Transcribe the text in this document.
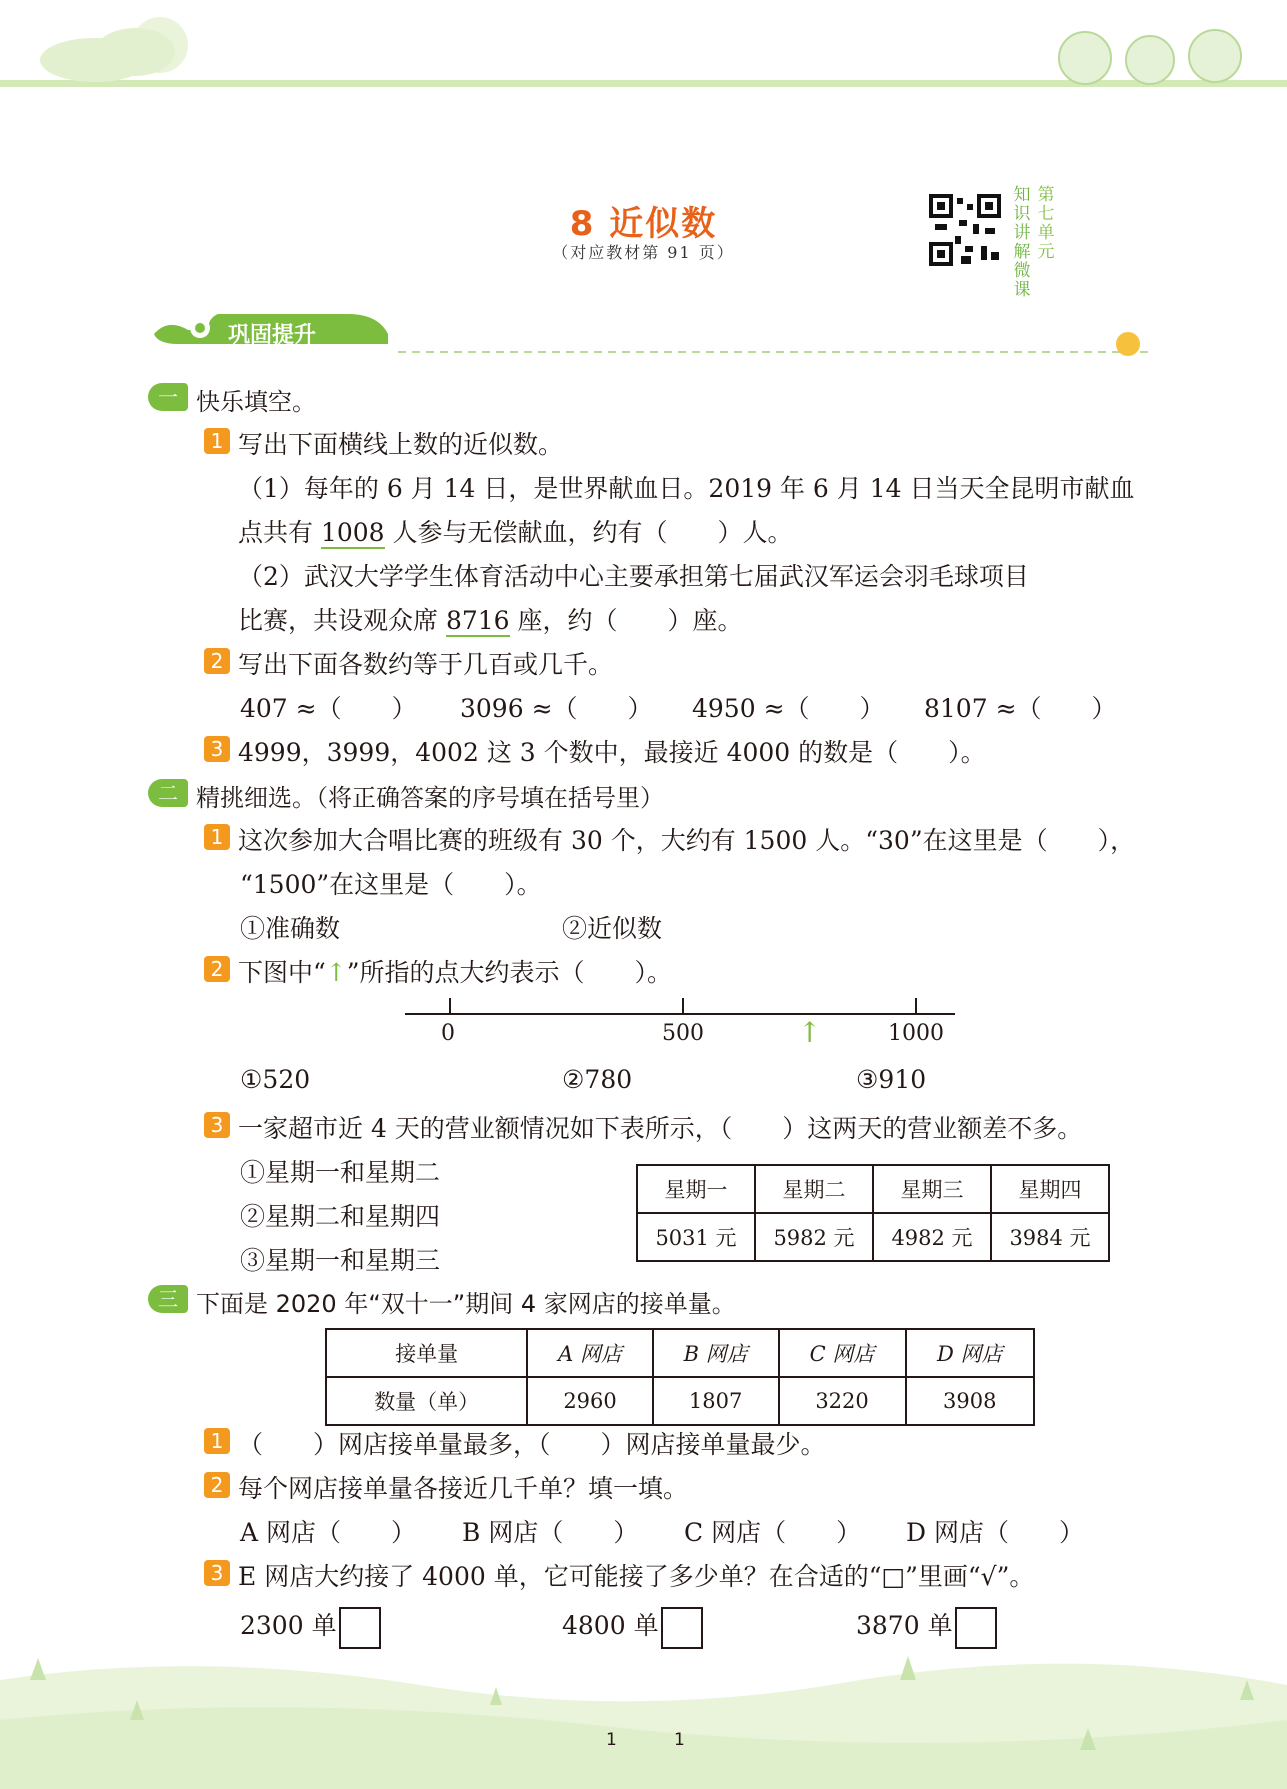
8 近似数
（对应教材第 91 页）
知识讲解微课
第七单元
巩固提升
一 快乐填空。
1 写出下面横线上数的近似数。
（1）每年的 6 月 14 日，是世界献血日。2019 年 6 月 14 日当天全昆明市献血
点共有 1008 人参与无偿献血，约有（　　）人。
（2）武汉大学学生体育活动中心主要承担第七届武汉军运会羽毛球项目
比赛，共设观众席 8716 座，约（　　）座。
2 写出下面各数约等于几百或几千。
407 ≈（　　） 3096 ≈（　　） 4950 ≈（　　） 8107 ≈（　　）
3 4999，3999，4002 这 3 个数中，最接近 4000 的数是（　　）。
二 精挑细选。（将正确答案的序号填在括号里）
1 这次参加大合唱比赛的班级有 30 个，大约有 1500 人。“30”在这里是（　　），
“1500”在这里是（　　）。
①准确数	②近似数
2 下图中“↑”所指的点大约表示（　　）。
0	500	1000
↑
①520	②780	③910
3 一家超市近 4 天的营业额情况如下表所示，（　　）这两天的营业额差不多。
①星期一和星期二
②星期二和星期四
③星期一和星期三
星期一	星期二	星期三	星期四
5031 元	5982 元	4982 元	3984 元
三 下面是 2020 年“双十一”期间 4 家网店的接单量。
接单量	A 网店	B 网店	C 网店	D 网店
数量（单）	2960	1807	3220	3908
1 （　　）网店接单量最多，（　　）网店接单量最少。
2 每个网店接单量各接近几千单？填一填。
A 网店（　　） B 网店（　　） C 网店（　　） D 网店（　　）
3 E 网店大约接了 4000 单，它可能接了多少单？在合适的“□”里画“√”。
2300 单	4800 单	3870 单
1	1
